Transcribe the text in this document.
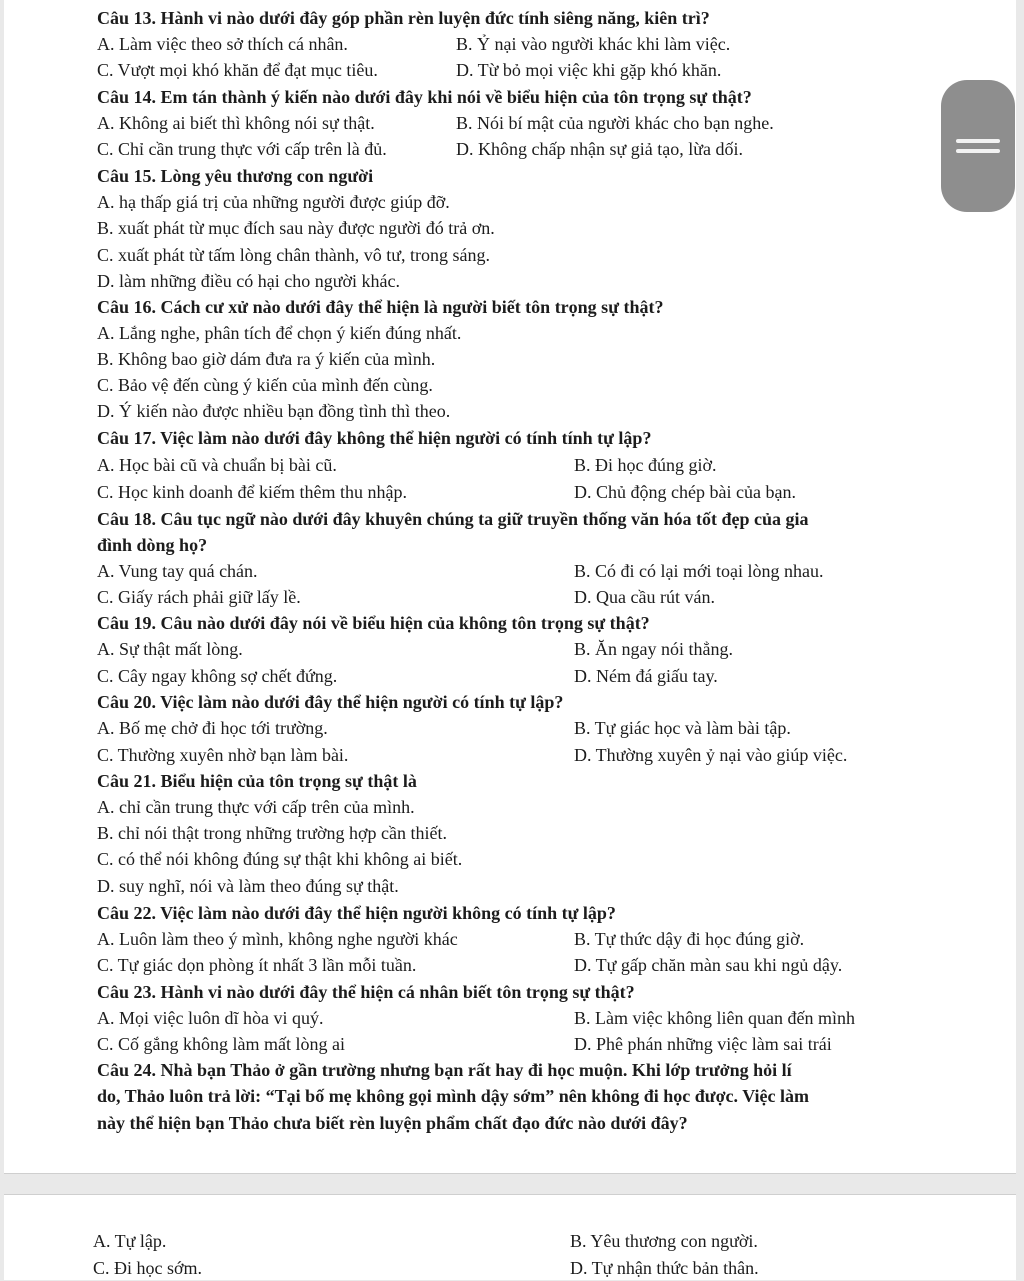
Câu 13. Hành vi nào dưới đây góp phần rèn luyện đức tính siêng năng, kiên trì?
A. Làm việc theo sở thích cá nhân.	B. Ỷ nại vào người khác khi làm việc.
C. Vượt mọi khó khăn để đạt mục tiêu.	D. Từ bỏ mọi việc khi gặp khó khăn.
Câu 14. Em tán thành ý kiến nào dưới đây khi nói về biểu hiện của tôn trọng sự thật?
A. Không ai biết thì không nói sự thật.	B. Nói bí mật của người khác cho bạn nghe.
C. Chỉ cần trung thực với cấp trên là đủ.	D. Không chấp nhận sự giả tạo, lừa dối.
Câu 15. Lòng yêu thương con người
A. hạ thấp giá trị của những người được giúp đỡ.
B. xuất phát từ mục đích sau này được người đó trả ơn.
C. xuất phát từ tấm lòng chân thành, vô tư, trong sáng.
D. làm những điều có hại cho người khác.
Câu 16. Cách cư xử nào dưới đây thể hiện là người biết tôn trọng sự thật?
A. Lắng nghe, phân tích để chọn ý kiến đúng nhất.
B. Không bao giờ dám đưa ra ý kiến của mình.
C. Bảo vệ đến cùng ý kiến của mình đến cùng.
D. Ý kiến nào được nhiều bạn đồng tình thì theo.
Câu 17. Việc làm nào dưới đây không thể hiện người có tính tính tự lập?
A. Học bài cũ và chuẩn bị bài cũ.	B. Đi học đúng giờ.
C. Học kinh doanh để kiếm thêm thu nhập.	D. Chủ động chép bài của bạn.
Câu 18. Câu tục ngữ nào dưới đây khuyên chúng ta giữ truyền thống văn hóa tốt đẹp của gia
đình dòng họ?
A. Vung tay quá chán.	B. Có đi có lại mới toại lòng nhau.
C. Giấy rách phải giữ lấy lề.	D. Qua cầu rút ván.
Câu 19. Câu nào dưới đây nói về biểu hiện của không tôn trọng sự thật?
A. Sự thật mất lòng.	B. Ăn ngay nói thẳng.
C. Cây ngay không sợ chết đứng.	D. Ném đá giấu tay.
Câu 20. Việc làm nào dưới đây thể hiện người có tính tự lập?
A. Bố mẹ chở đi học tới trường.	B. Tự giác học và làm bài tập.
C. Thường xuyên nhờ bạn làm bài.	D. Thường xuyên ỷ nại vào giúp việc.
Câu 21. Biểu hiện của tôn trọng sự thật là
A. chỉ cần trung thực với cấp trên của mình.
B. chỉ nói thật trong những trường hợp cần thiết.
C. có thể nói không đúng sự thật khi không ai biết.
D. suy nghĩ, nói và làm theo đúng sự thật.
Câu 22. Việc làm nào dưới đây thể hiện người không có tính tự lập?
A. Luôn làm theo ý mình, không nghe người khác	B. Tự thức dậy đi học đúng giờ.
C. Tự giác dọn phòng ít nhất 3 lần mỗi tuần.	D. Tự gấp chăn màn sau khi ngủ dậy.
Câu 23. Hành vi nào dưới đây thể hiện cá nhân biết tôn trọng sự thật?
A. Mọi việc luôn dĩ hòa vi quý.	B. Làm việc không liên quan đến mình
C. Cố gắng không làm mất lòng ai	D. Phê phán những việc làm sai trái
Câu 24. Nhà bạn Thảo ở gần trường nhưng bạn rất hay đi học muộn. Khi lớp trưởng hỏi lí
do, Thảo luôn trả lời: “Tại bố mẹ không gọi mình dậy sớm” nên không đi học được. Việc làm
này thể hiện bạn Thảo chưa biết rèn luyện phẩm chất đạo đức nào dưới đây?
A. Tự lập.	B. Yêu thương con người.
C. Đi học sớm.	D. Tự nhận thức bản thân.
